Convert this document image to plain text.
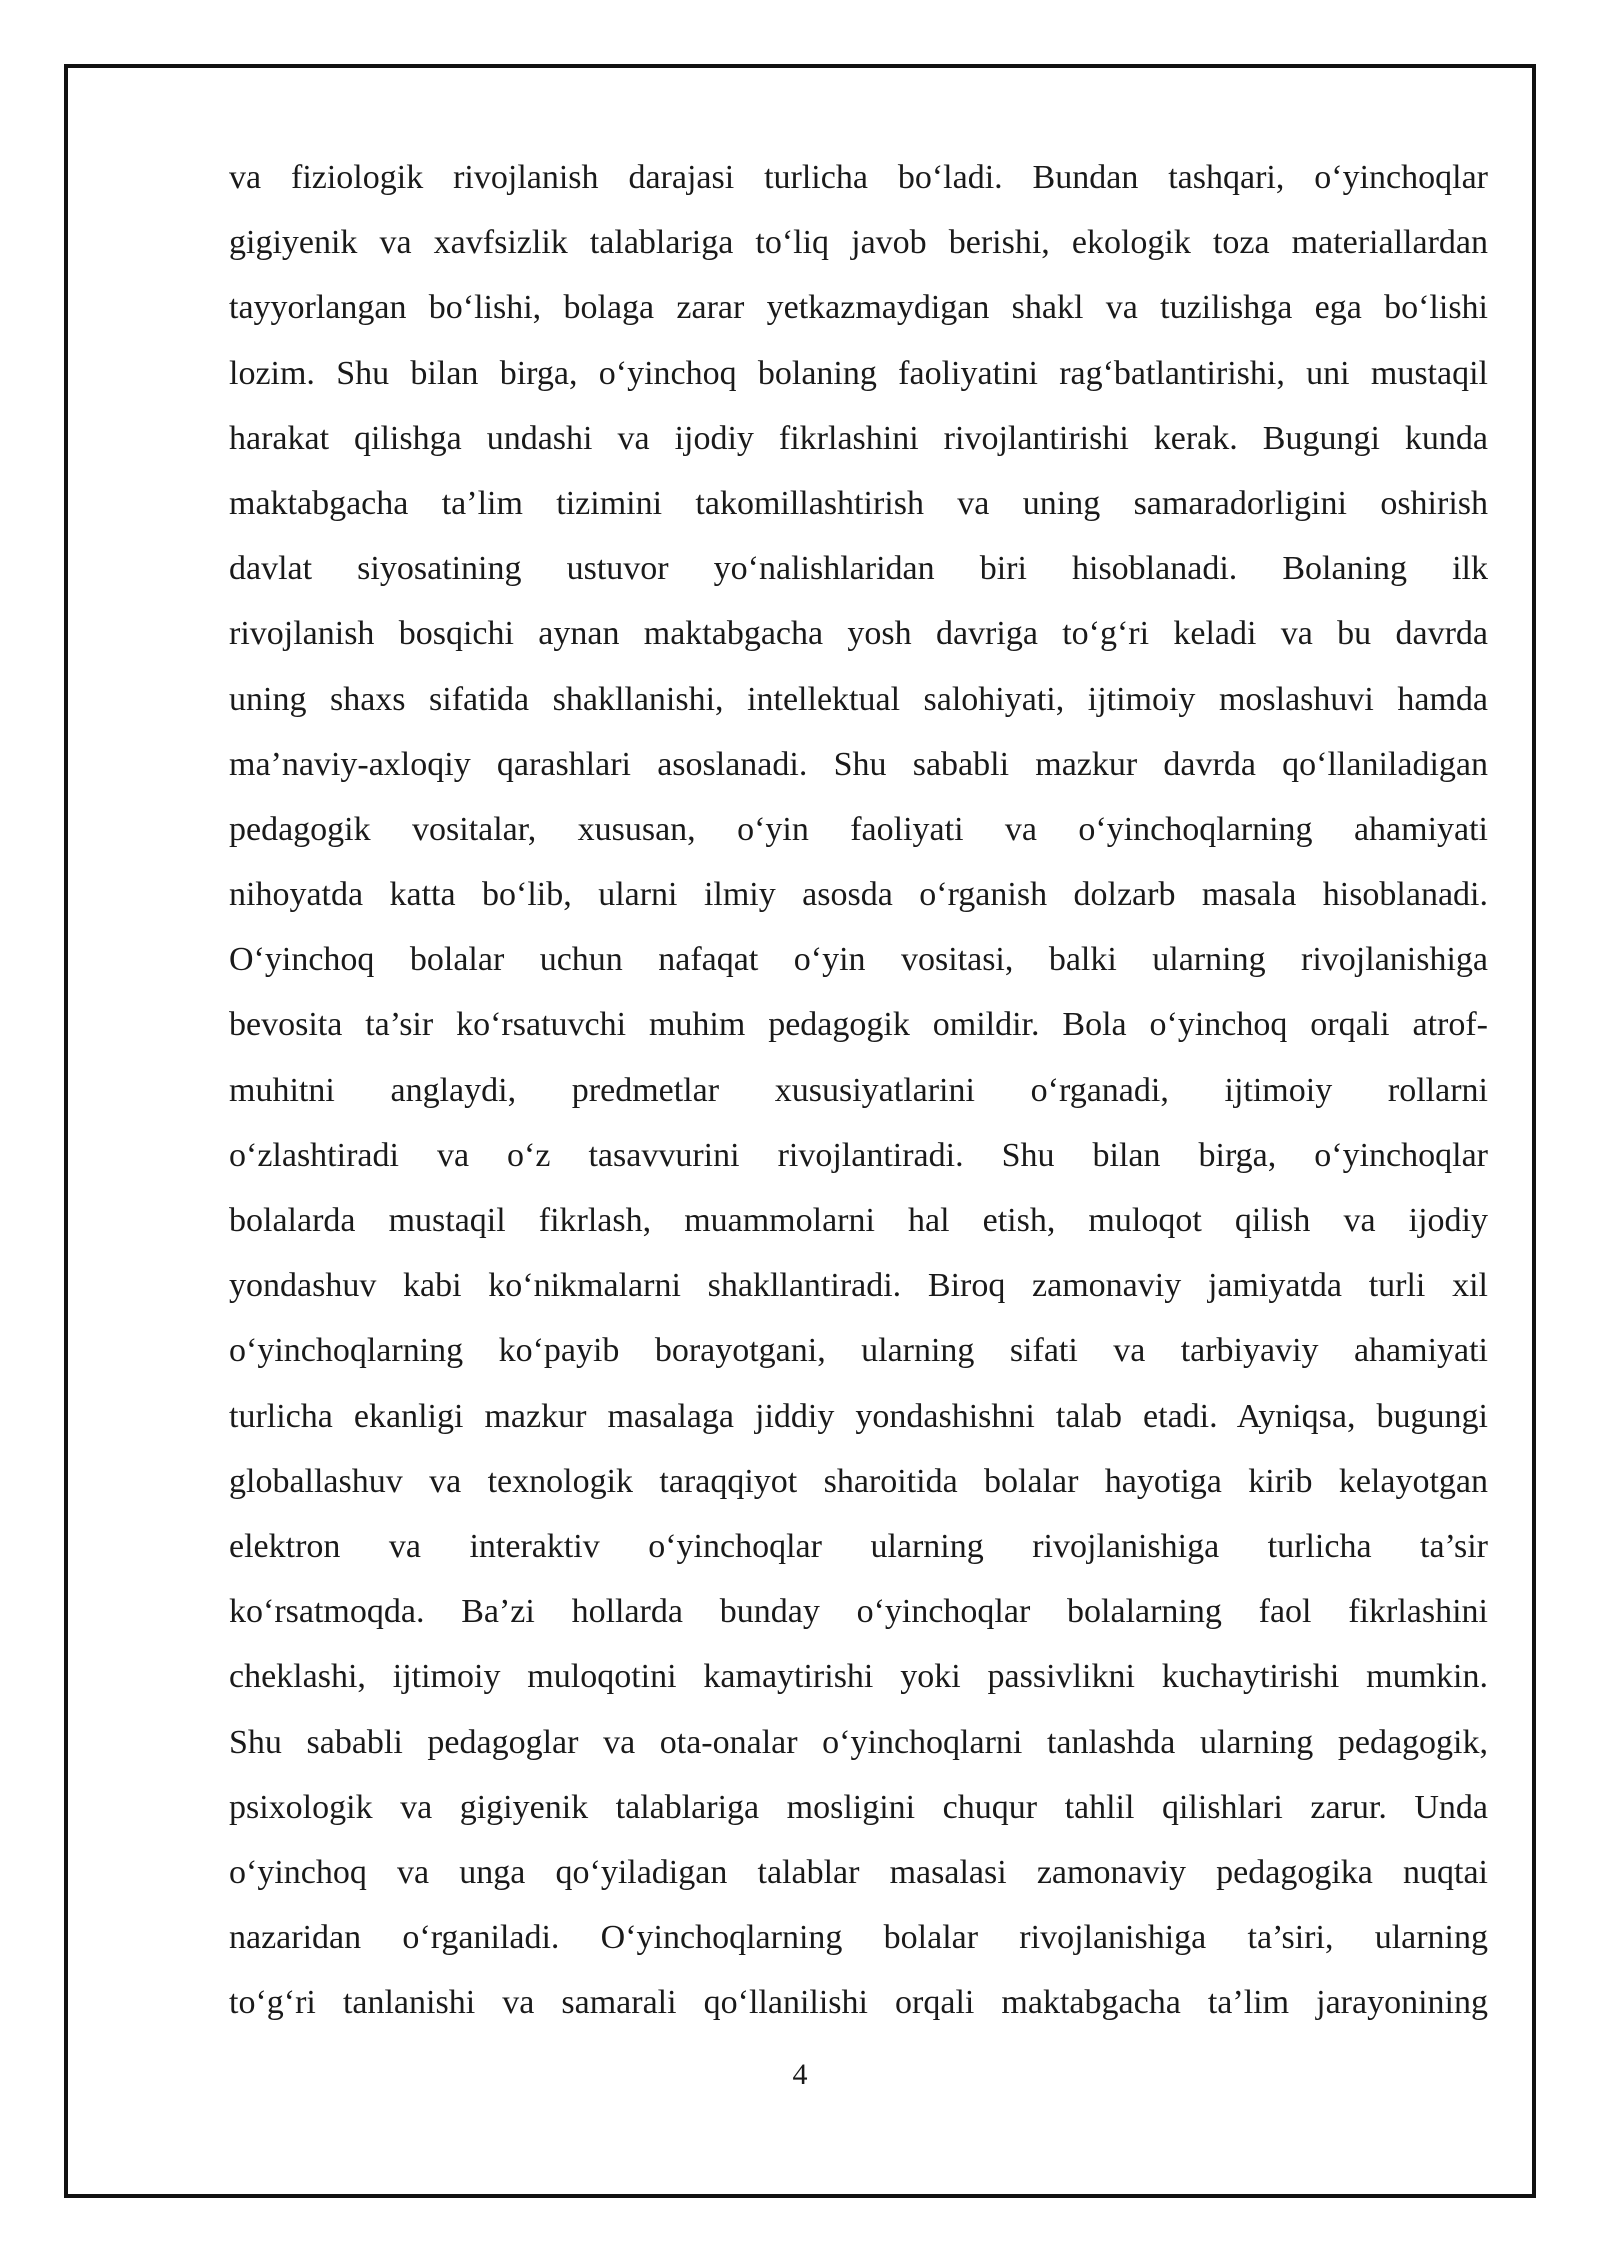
va fiziologik rivojlanish darajasi turlicha bo‘ladi. Bundan tashqari, o‘yinchoqlar
gigiyenik va xavfsizlik talablariga to‘liq javob berishi, ekologik toza materiallardan
tayyorlangan bo‘lishi, bolaga zarar yetkazmaydigan shakl va tuzilishga ega bo‘lishi
lozim. Shu bilan birga, o‘yinchoq bolaning faoliyatini rag‘batlantirishi, uni mustaqil
harakat qilishga undashi va ijodiy fikrlashini rivojlantirishi kerak. Bugungi kunda
maktabgacha ta’lim tizimini takomillashtirish va uning samaradorligini oshirish
davlat siyosatining ustuvor yo‘nalishlaridan biri hisoblanadi. Bolaning ilk
rivojlanish bosqichi aynan maktabgacha yosh davriga to‘g‘ri keladi va bu davrda
uning shaxs sifatida shakllanishi, intellektual salohiyati, ijtimoiy moslashuvi hamda
ma’naviy-axloqiy qarashlari asoslanadi. Shu sababli mazkur davrda qo‘llaniladigan
pedagogik vositalar, xususan, o‘yin faoliyati va o‘yinchoqlarning ahamiyati
nihoyatda katta bo‘lib, ularni ilmiy asosda o‘rganish dolzarb masala hisoblanadi.
O‘yinchoq bolalar uchun nafaqat o‘yin vositasi, balki ularning rivojlanishiga
bevosita ta’sir ko‘rsatuvchi muhim pedagogik omildir. Bola o‘yinchoq orqali atrof-
muhitni anglaydi, predmetlar xususiyatlarini o‘rganadi, ijtimoiy rollarni
o‘zlashtiradi va o‘z tasavvurini rivojlantiradi. Shu bilan birga, o‘yinchoqlar
bolalarda mustaqil fikrlash, muammolarni hal etish, muloqot qilish va ijodiy
yondashuv kabi ko‘nikmalarni shakllantiradi. Biroq zamonaviy jamiyatda turli xil
o‘yinchoqlarning ko‘payib borayotgani, ularning sifati va tarbiyaviy ahamiyati
turlicha ekanligi mazkur masalaga jiddiy yondashishni talab etadi. Ayniqsa, bugungi
globallashuv va texnologik taraqqiyot sharoitida bolalar hayotiga kirib kelayotgan
elektron va interaktiv o‘yinchoqlar ularning rivojlanishiga turlicha ta’sir
ko‘rsatmoqda. Ba’zi hollarda bunday o‘yinchoqlar bolalarning faol fikrlashini
cheklashi, ijtimoiy muloqotini kamaytirishi yoki passivlikni kuchaytirishi mumkin.
Shu sababli pedagoglar va ota-onalar o‘yinchoqlarni tanlashda ularning pedagogik,
psixologik va gigiyenik talablariga mosligini chuqur tahlil qilishlari zarur. Unda
o‘yinchoq va unga qo‘yiladigan talablar masalasi zamonaviy pedagogika nuqtai
nazaridan o‘rganiladi. O‘yinchoqlarning bolalar rivojlanishiga ta’siri, ularning
to‘g‘ri tanlanishi va samarali qo‘llanilishi orqali maktabgacha ta’lim jarayonining
4
